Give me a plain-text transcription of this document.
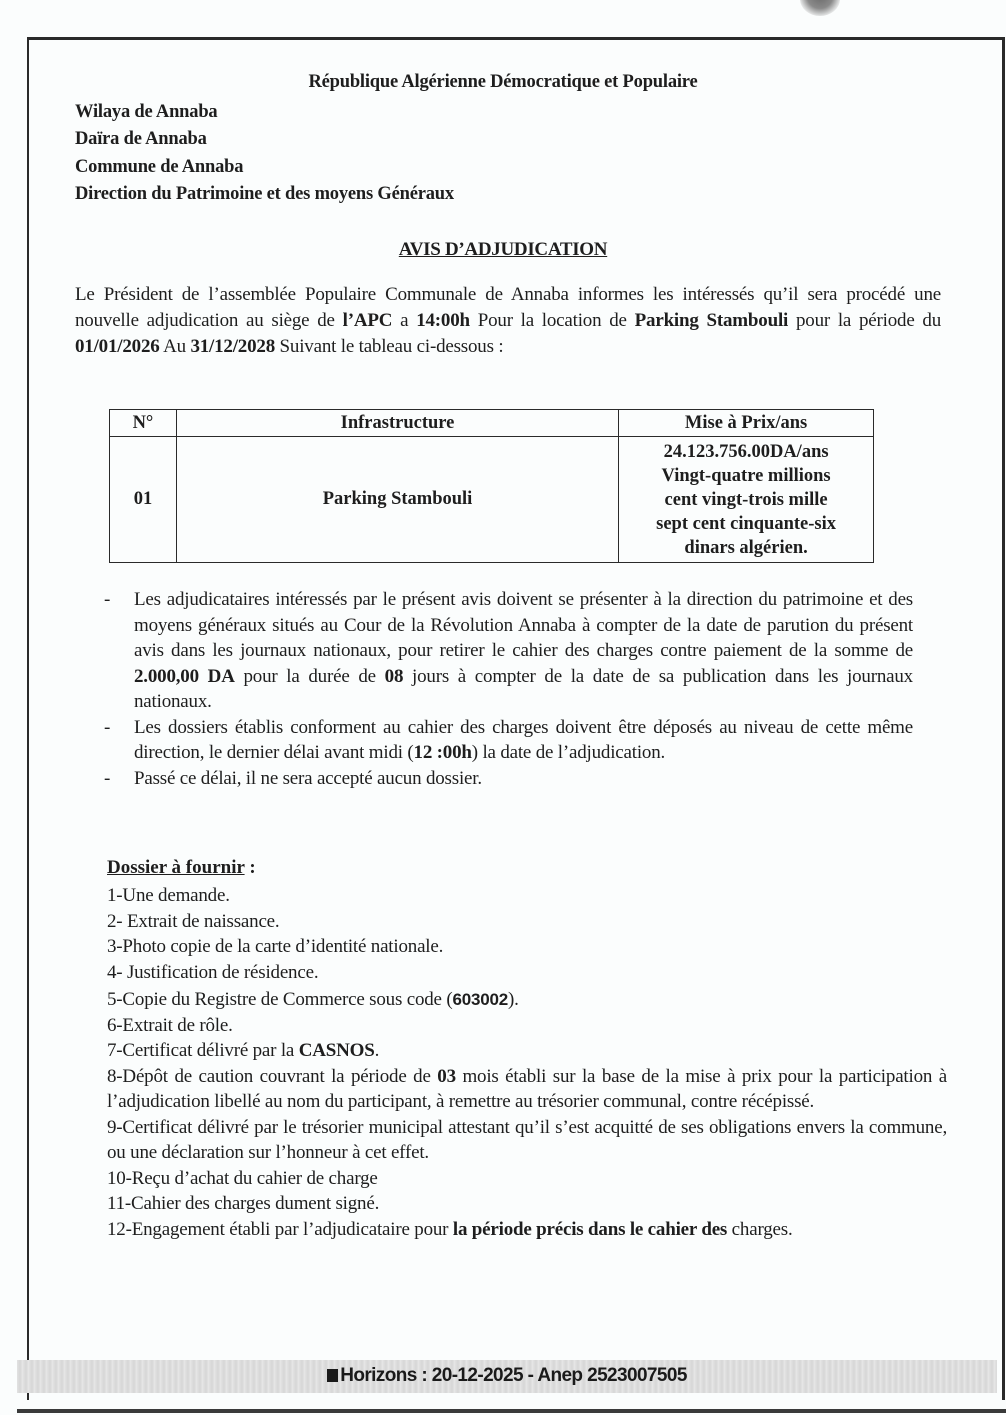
République Algérienne Démocratique et Populaire
Wilaya de Annaba
Daïra de Annaba
Commune de Annaba
Direction du Patrimoine et des moyens Généraux
AVIS D’ADJUDICATION

Le Président de l’assemblée Populaire Communale de Annaba informes les intéressés qu’il sera procédé une nouvelle adjudication au siège de l’APC a 14:00h Pour la location de Parking Stambouli pour la période du 01/01/2026 Au 31/12/2028 Suivant le tableau ci-dessous :

N°	Infrastructure	Mise à Prix/ans
01	Parking Stambouli	24.123.756.00DA/ans
Vingt-quatre millions
cent vingt-trois mille
sept cent cinquante-six
dinars algérien.
- Les adjudicataires intéressés par le présent avis doivent se présenter à la direction du patrimoine et des moyens généraux situés au Cour de la Révolution Annaba à compter de la date de parution du présent avis dans les journaux nationaux, pour retirer le cahier des charges contre paiement de la somme de 2.000,00 DA pour la durée de 08 jours à compter de la date de sa publication dans les journaux nationaux.
- Les dossiers établis conforment au cahier des charges doivent être déposés au niveau de cette même direction, le dernier délai avant midi (12 :00h) la date de l’adjudication.
- Passé ce délai, il ne sera accepté aucun dossier.
Dossier à fournir :
1-Une demande.
2- Extrait de naissance.
3-Photo copie de la carte d’identité nationale.
4- Justification de résidence.
5-Copie du Registre de Commerce sous code (603002).
6-Extrait de rôle.
7-Certificat délivré par la CASNOS.
8-Dépôt de caution couvrant la période de 03 mois établi sur la base de la mise à prix pour la participation à l’adjudication libellé au nom du participant, à remettre au trésorier communal, contre récépissé.
9-Certificat délivré par le trésorier municipal attestant qu’il s’est acquitté de ses obligations envers la commune, ou une déclaration sur l’honneur à cet effet.
10-Reçu d’achat du cahier de charge
11-Cahier des charges dument signé.
12-Engagement établi par l’adjudicataire pour la période précis dans le cahier des charges.
Horizons : 20-12-2025 - Anep 2523007505
